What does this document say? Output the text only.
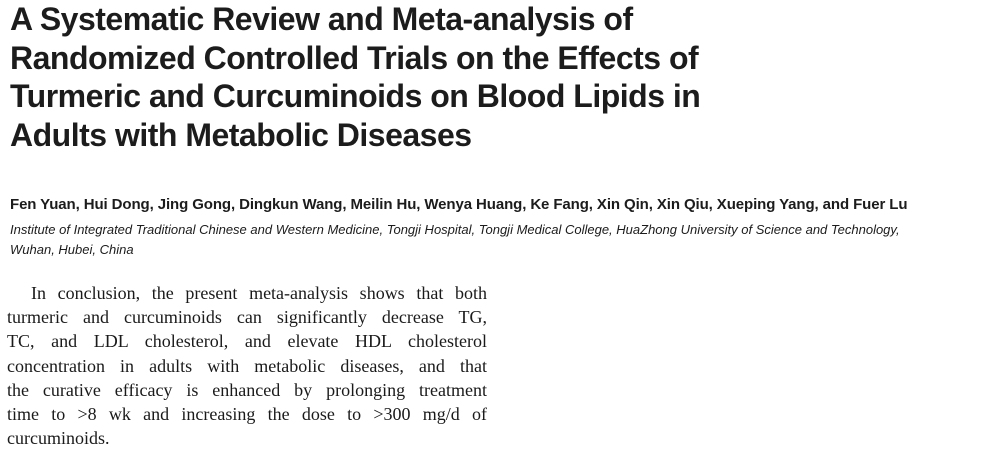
A Systematic Review and Meta-analysis of
Randomized Controlled Trials on the Effects of
Turmeric and Curcuminoids on Blood Lipids in
Adults with Metabolic Diseases

Fen Yuan, Hui Dong, Jing Gong, Dingkun Wang, Meilin Hu, Wenya Huang, Ke Fang, Xin Qin, Xin Qiu, Xueping Yang, and Fuer Lu

Institute of Integrated Traditional Chinese and Western Medicine, Tongji Hospital, Tongji Medical College, HuaZhong University of Science and Technology,
Wuhan, Hubei, China

In conclusion, the present meta-analysis shows that both
turmeric and curcuminoids can significantly decrease TG,
TC, and LDL cholesterol, and elevate HDL cholesterol
concentration in adults with metabolic diseases, and that
the curative efficacy is enhanced by prolonging treatment
time to >8 wk and increasing the dose to >300 mg/d of
curcuminoids.
